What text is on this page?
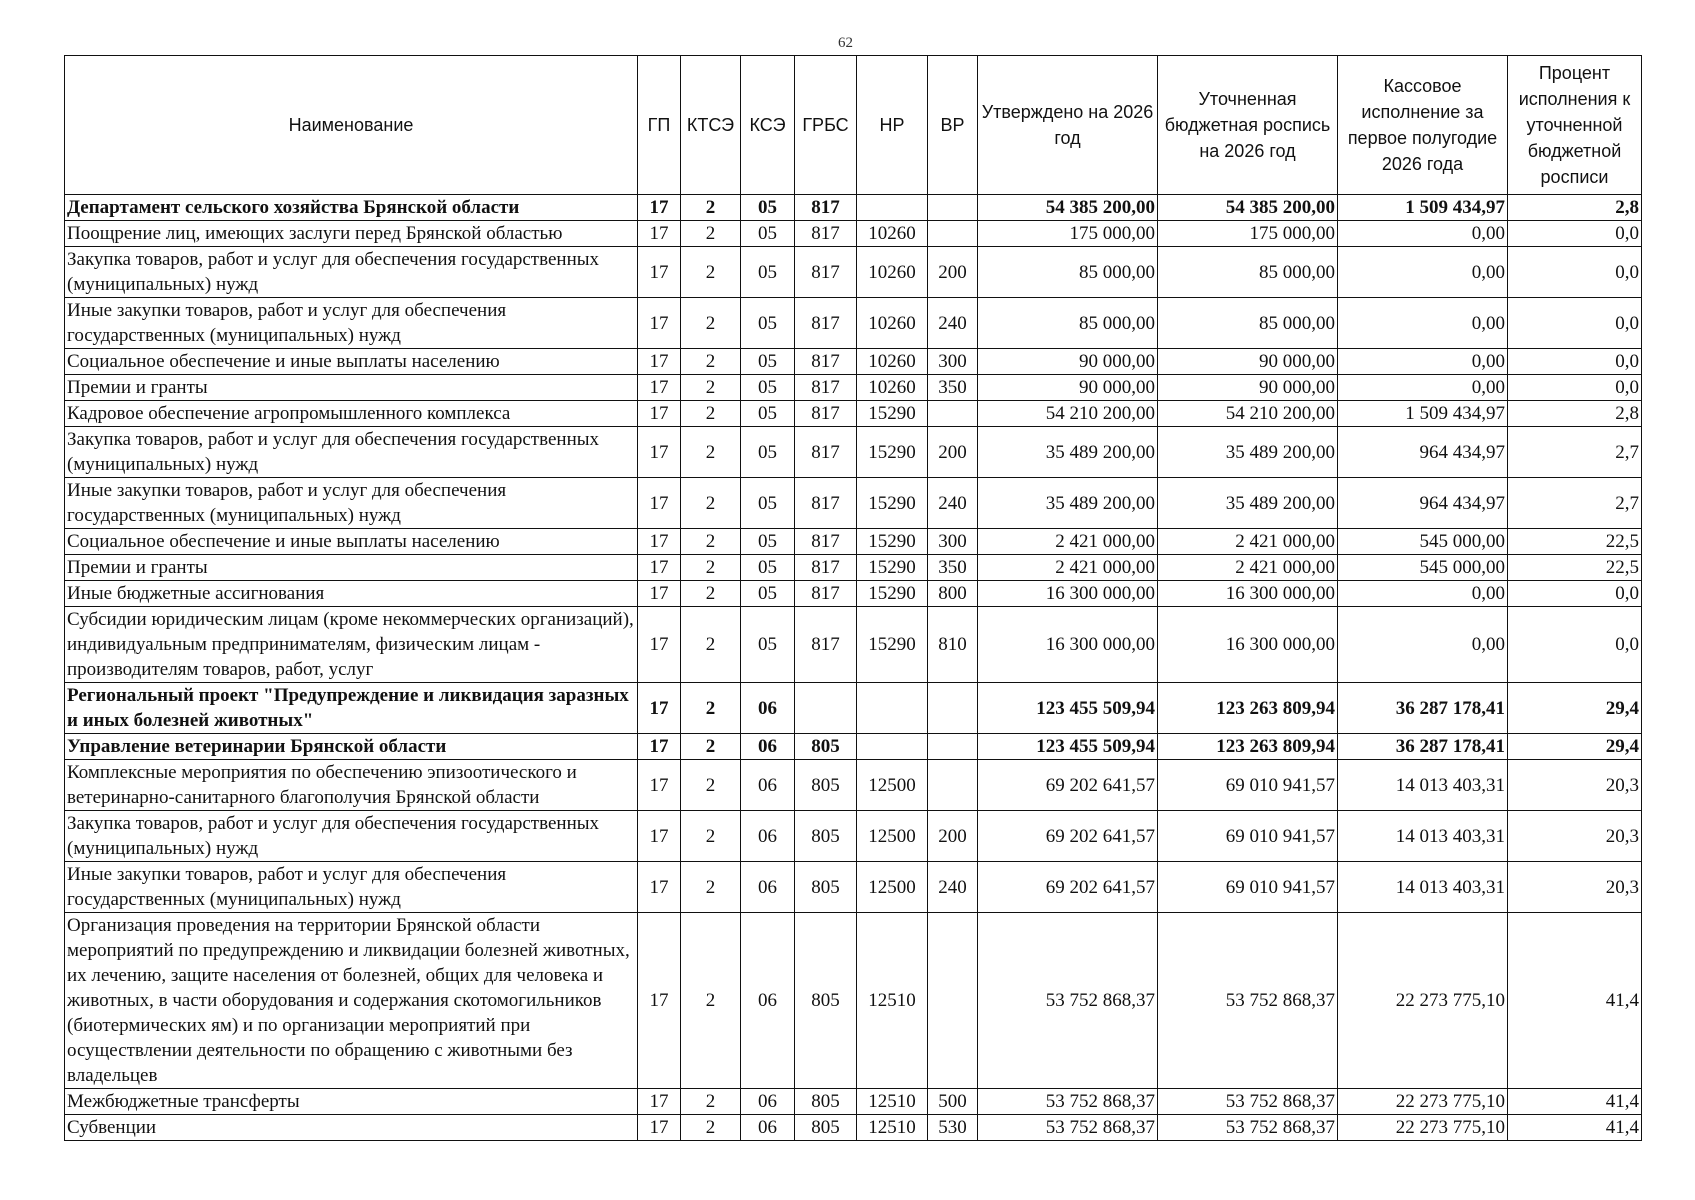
62
Наименование	ГП	КТСЭ	КСЭ	ГРБС	НР	ВР	Утверждено на 2026 год	Уточненная бюджетная роспись на 2026 год	Кассовое исполнение за первое полугодие 2026 года	Процент исполнения к уточненной бюджетной росписи
Департамент сельского хозяйства Брянской области	17	2	05	817			54 385 200,00	54 385 200,00	1 509 434,97	2,8
Поощрение лиц, имеющих заслуги перед Брянской областью	17	2	05	817	10260		175 000,00	175 000,00	0,00	0,0
Закупка товаров, работ и услуг для обеспечения государственных (муниципальных) нужд	17	2	05	817	10260	200	85 000,00	85 000,00	0,00	0,0
Иные закупки товаров, работ и услуг для обеспечения государственных (муниципальных) нужд	17	2	05	817	10260	240	85 000,00	85 000,00	0,00	0,0
Социальное обеспечение и иные выплаты населению	17	2	05	817	10260	300	90 000,00	90 000,00	0,00	0,0
Премии и гранты	17	2	05	817	10260	350	90 000,00	90 000,00	0,00	0,0
Кадровое обеспечение агропромышленного комплекса	17	2	05	817	15290		54 210 200,00	54 210 200,00	1 509 434,97	2,8
Закупка товаров, работ и услуг для обеспечения государственных (муниципальных) нужд	17	2	05	817	15290	200	35 489 200,00	35 489 200,00	964 434,97	2,7
Иные закупки товаров, работ и услуг для обеспечения государственных (муниципальных) нужд	17	2	05	817	15290	240	35 489 200,00	35 489 200,00	964 434,97	2,7
Социальное обеспечение и иные выплаты населению	17	2	05	817	15290	300	2 421 000,00	2 421 000,00	545 000,00	22,5
Премии и гранты	17	2	05	817	15290	350	2 421 000,00	2 421 000,00	545 000,00	22,5
Иные бюджетные ассигнования	17	2	05	817	15290	800	16 300 000,00	16 300 000,00	0,00	0,0
Субсидии юридическим лицам (кроме некоммерческих организаций), индивидуальным предпринимателям, физическим лицам - производителям товаров, работ, услуг	17	2	05	817	15290	810	16 300 000,00	16 300 000,00	0,00	0,0
Региональный проект "Предупреждение и ликвидация заразных и иных болезней животных"	17	2	06				123 455 509,94	123 263 809,94	36 287 178,41	29,4
Управление ветеринарии Брянской области	17	2	06	805			123 455 509,94	123 263 809,94	36 287 178,41	29,4
Комплексные мероприятия по обеспечению эпизоотического и ветеринарно-санитарного благополучия Брянской области	17	2	06	805	12500		69 202 641,57	69 010 941,57	14 013 403,31	20,3
Закупка товаров, работ и услуг для обеспечения государственных (муниципальных) нужд	17	2	06	805	12500	200	69 202 641,57	69 010 941,57	14 013 403,31	20,3
Иные закупки товаров, работ и услуг для обеспечения государственных (муниципальных) нужд	17	2	06	805	12500	240	69 202 641,57	69 010 941,57	14 013 403,31	20,3
Организация проведения на территории Брянской области мероприятий по предупреждению и ликвидации болезней животных, их лечению, защите населения от болезней, общих для человека и животных, в части оборудования и содержания скотомогильников (биотермических ям) и по организации мероприятий при осуществлении деятельности по обращению с животными без владельцев	17	2	06	805	12510		53 752 868,37	53 752 868,37	22 273 775,10	41,4
Межбюджетные трансферты	17	2	06	805	12510	500	53 752 868,37	53 752 868,37	22 273 775,10	41,4
Субвенции	17	2	06	805	12510	530	53 752 868,37	53 752 868,37	22 273 775,10	41,4
